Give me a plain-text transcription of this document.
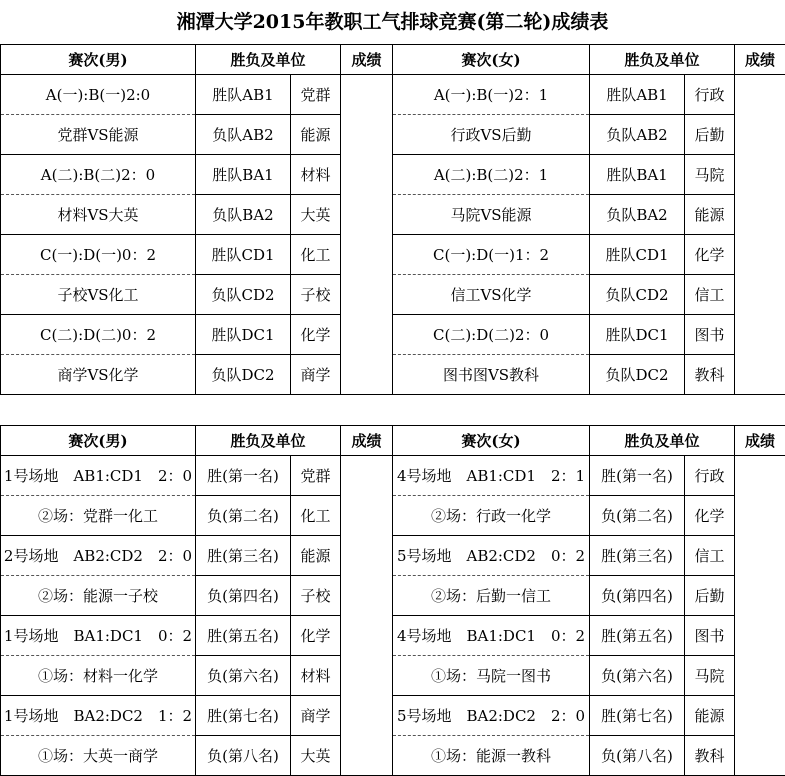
湘潭大学2015年教职工气排球竞赛(第二轮)成绩表
赛次(男)	胜负及单位		成绩	赛次(女)	胜负及单位		成绩
A(一):B(一)2:0	胜队AB1	党群		A(一):B(一)2：1	胜队AB1	行政	
党群VS能源	负队AB2	能源		行政VS后勤	负队AB2	后勤	
A(二):B(二)2：0	胜队BA1	材料		A(二):B(二)2：1	胜队BA1	马院	
材料VS大英	负队BA2	大英		马院VS能源	负队BA2	能源	
C(一):D(一)0：2	胜队CD1	化工		C(一):D(一)1：2	胜队CD1	化学	
子校VS化工	负队CD2	子校		信工VS化学	负队CD2	信工	
C(二):D(二)0：2	胜队DC1	化学		C(二):D(二)2：0	胜队DC1	图书	
商学VS化学	负队DC2	商学		图书图VS教科	负队DC2	教科	
赛次(男)	胜负及单位		成绩	赛次(女)	胜负及单位		成绩
1号场地　AB1:CD1　2：0	胜(第一名)	党群		4号场地　AB1:CD1　2：1	胜(第一名)	行政	
②场：党群一化工	负(第二名)	化工		②场：行政一化学	负(第二名)	化学	
2号场地　AB2:CD2　2：0	胜(第三名)	能源		5号场地　AB2:CD2　0：2	胜(第三名)	信工	
②场：能源一子校	负(第四名)	子校		②场：后勤一信工	负(第四名)	后勤	
1号场地　BA1:DC1　0：2	胜(第五名)	化学		4号场地　BA1:DC1　0：2	胜(第五名)	图书	
①场：材料一化学	负(第六名)	材料		①场：马院一图书	负(第六名)	马院	
1号场地　BA2:DC2　1：2	胜(第七名)	商学		5号场地　BA2:DC2　2：0	胜(第七名)	能源	
①场：大英一商学	负(第八名)	大英		①场：能源一教科	负(第八名)	教科	
